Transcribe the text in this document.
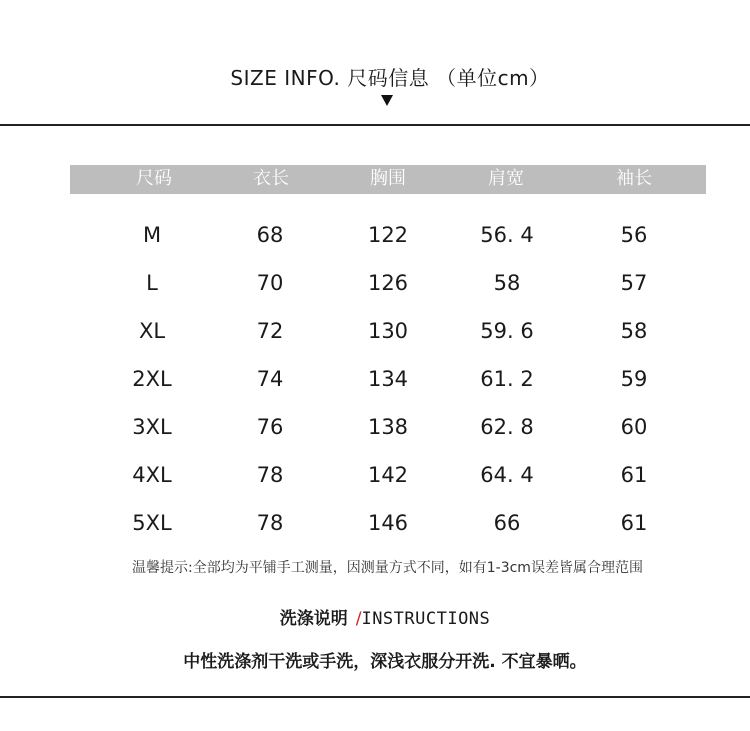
SIZE INFO. 尺码信息 （单位cm）
尺码	衣长	胸围	肩宽	袖长
M	68	122	56. 4	56
L	70	126	58	57
XL	72	130	59. 6	58
2XL	74	134	61. 2	59
3XL	76	138	62. 8	60
4XL	78	142	64. 4	61
5XL	78	146	66	61
温馨提示:全部均为平铺手工测量，因测量方式不同，如有1-3cm误差皆属合理范围
洗涤说明 /INSTRUCTIONS
中性洗涤剂干洗或手洗，深浅衣服分开洗. 不宜暴晒。
